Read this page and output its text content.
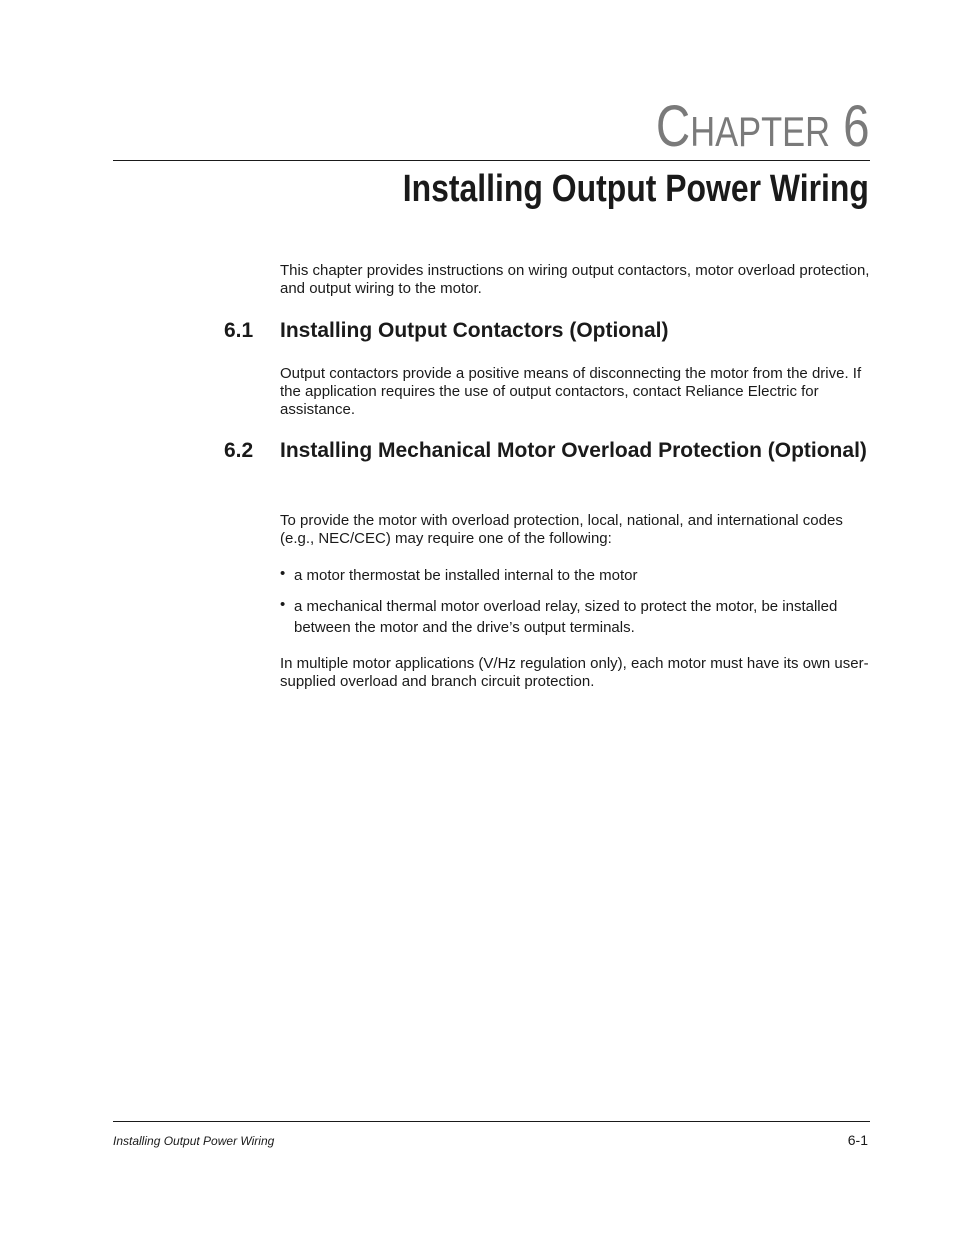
CHAPTER 6
Installing Output Power Wiring

This chapter provides instructions on wiring output contactors, motor overload protection, and output wiring to the motor.

6.1 Installing Output Contactors (Optional)

Output contactors provide a positive means of disconnecting the motor from the drive. If the application requires the use of output contactors, contact Reliance Electric for assistance.

6.2 Installing Mechanical Motor Overload Protection (Optional)

To provide the motor with overload protection, local, national, and international codes (e.g., NEC/CEC) may require one of the following:

• a motor thermostat be installed internal to the motor
• a mechanical thermal motor overload relay, sized to protect the motor, be installed between the motor and the drive’s output terminals.

In multiple motor applications (V/Hz regulation only), each motor must have its own user-supplied overload and branch circuit protection.

Installing Output Power Wiring	6-1
